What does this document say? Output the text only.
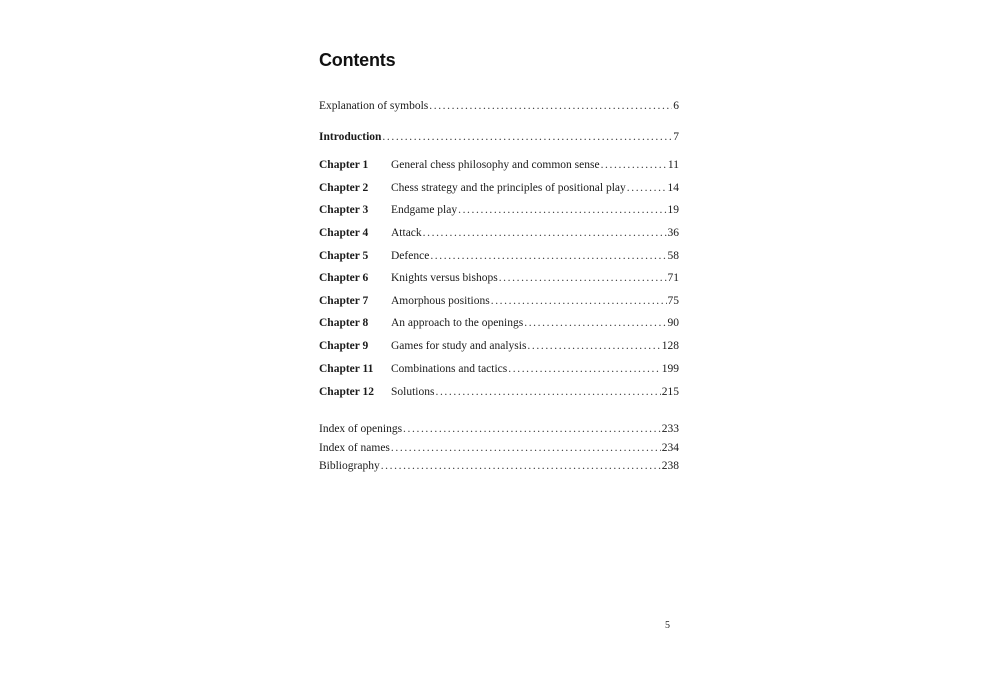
Contents
Explanation of symbols .....	6
Introduction .....	7
Chapter 1	General chess philosophy and common sense .....	11
Chapter 2	Chess strategy and the principles of positional play .....	14
Chapter 3	Endgame play .....	19
Chapter 4	Attack .....	36
Chapter 5	Defence .....	58
Chapter 6	Knights versus bishops .....	71
Chapter 7	Amorphous positions .....	75
Chapter 8	An approach to the openings .....	90
Chapter 9	Games for study and analysis .....	128
Chapter 11	Combinations and tactics .....	199
Chapter 12	Solutions .....	215
Index of openings .....	233
Index of names .....	234
Bibliography .....	238
5
